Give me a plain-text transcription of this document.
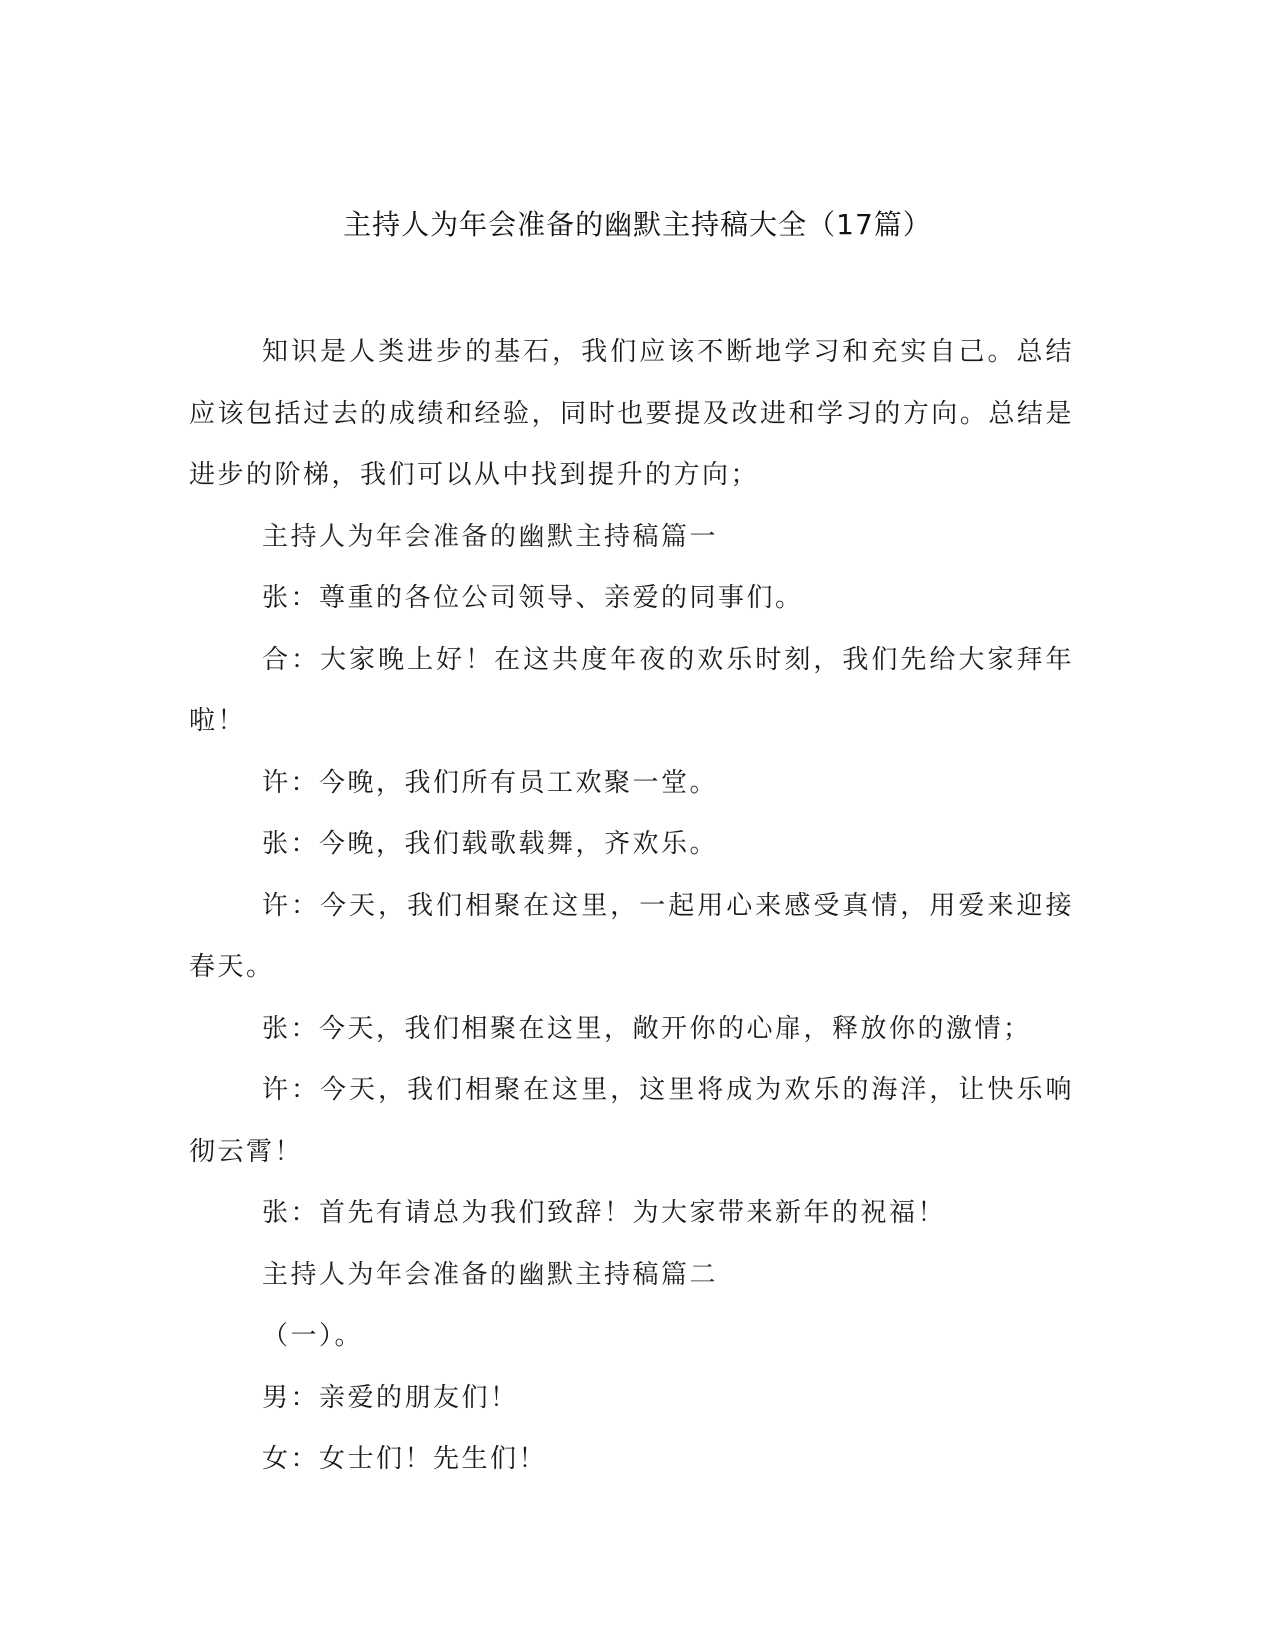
主持人为年会准备的幽默主持稿大全（17篇）

知识是人类进步的基石，我们应该不断地学习和充实自己。总结应该包括过去的成绩和经验，同时也要提及改进和学习的方向。总结是进步的阶梯，我们可以从中找到提升的方向；

主持人为年会准备的幽默主持稿篇一

张：尊重的各位公司领导、亲爱的同事们。

合：大家晚上好！在这共度年夜的欢乐时刻，我们先给大家拜年啦！

许：今晚，我们所有员工欢聚一堂。

张：今晚，我们载歌载舞，齐欢乐。

许：今天，我们相聚在这里，一起用心来感受真情，用爱来迎接春天。

张：今天，我们相聚在这里，敞开你的心扉，释放你的激情；

许：今天，我们相聚在这里，这里将成为欢乐的海洋，让快乐响彻云霄！

张：首先有请总为我们致辞！为大家带来新年的祝福！

主持人为年会准备的幽默主持稿篇二

（一）。

男：亲爱的朋友们！

女：女士们！先生们！
